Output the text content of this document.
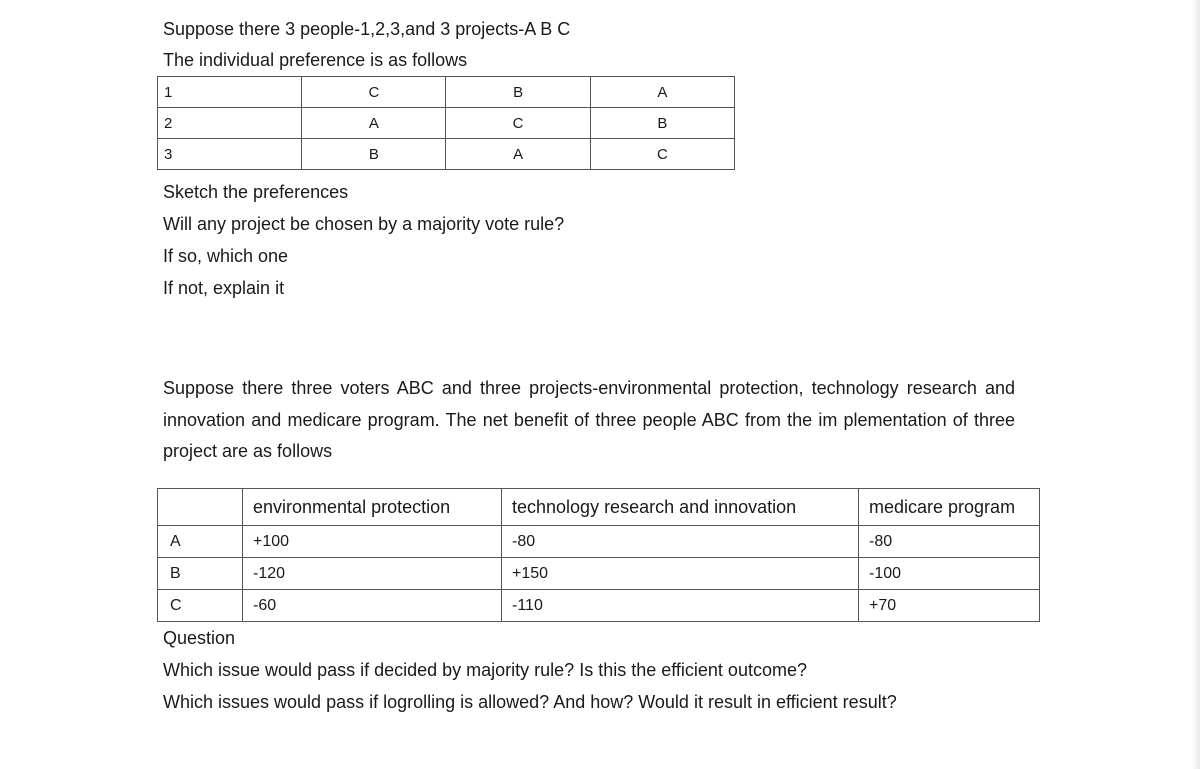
Suppose there 3 people-1,2,3,and 3 projects-A B C
The individual preference is as follows
1	C	B	A
2	A	C	B
3	B	A	C
Sketch the preferences
Will any project be chosen by a majority vote rule?
If so, which one
If not, explain it
Suppose there three voters ABC and three projects-environmental protection, technology research and innovation and medicare program. The net benefit of three people ABC from the im plementation of three project are as follows
	environmental protection	technology research and innovation	medicare program
A	+100	-80	-80
B	-120	+150	-100
C	-60	-110	+70
Question
Which issue would pass if decided by majority rule? Is this the efficient outcome?
Which issues would pass if logrolling is allowed? And how? Would it result in efficient result?
